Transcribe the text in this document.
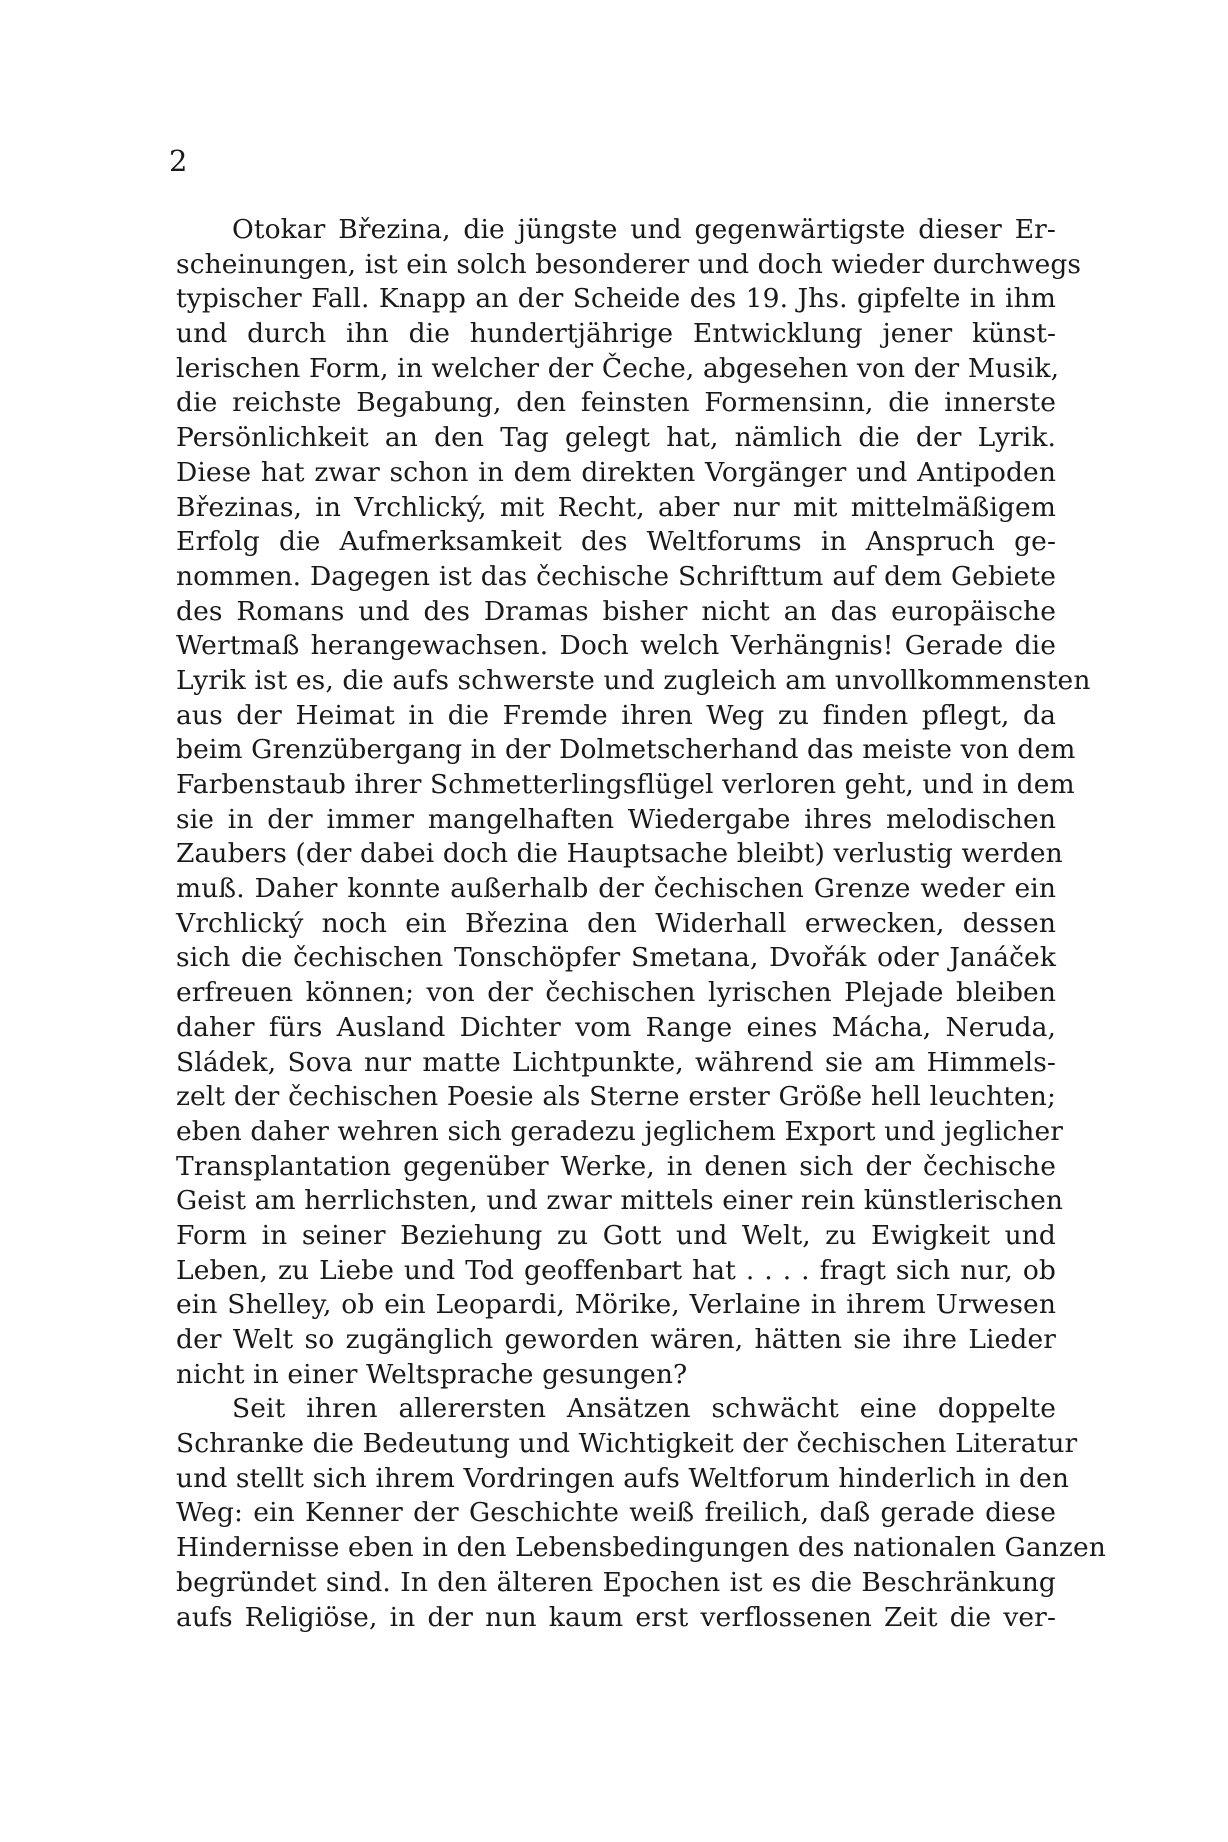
2
Otokar Březina, die jüngste und gegenwärtigste dieser Er-
scheinungen, ist ein solch besonderer und doch wieder durchwegs
typischer Fall. Knapp an der Scheide des 19. Jhs. gipfelte in ihm
und durch ihn die hundertjährige Entwicklung jener künst-
lerischen Form, in welcher der Čeche, abgesehen von der Musik,
die reichste Begabung, den feinsten Formensinn, die innerste
Persönlichkeit an den Tag gelegt hat, nämlich die der Lyrik.
Diese hat zwar schon in dem direkten Vorgänger und Antipoden
Březinas, in Vrchlický, mit Recht, aber nur mit mittelmäßigem
Erfolg die Aufmerksamkeit des Weltforums in Anspruch ge-
nommen. Dagegen ist das čechische Schrifttum auf dem Gebiete
des Romans und des Dramas bisher nicht an das europäische
Wertmaß herangewachsen. Doch welch Verhängnis! Gerade die
Lyrik ist es, die aufs schwerste und zugleich am unvollkommensten
aus der Heimat in die Fremde ihren Weg zu finden pflegt, da
beim Grenzübergang in der Dolmetscherhand das meiste von dem
Farbenstaub ihrer Schmetterlingsflügel verloren geht, und in dem
sie in der immer mangelhaften Wiedergabe ihres melodischen
Zaubers (der dabei doch die Hauptsache bleibt) verlustig werden
muß. Daher konnte außerhalb der čechischen Grenze weder ein
Vrchlický noch ein Březina den Widerhall erwecken, dessen
sich die čechischen Tonschöpfer Smetana, Dvořák oder Janáček
erfreuen können; von der čechischen lyrischen Plejade bleiben
daher fürs Ausland Dichter vom Range eines Mácha, Neruda,
Sládek, Sova nur matte Lichtpunkte, während sie am Himmels-
zelt der čechischen Poesie als Sterne erster Größe hell leuchten;
eben daher wehren sich geradezu jeglichem Export und jeglicher
Transplantation gegenüber Werke, in denen sich der čechische
Geist am herrlichsten, und zwar mittels einer rein künstlerischen
Form in seiner Beziehung zu Gott und Welt, zu Ewigkeit und
Leben, zu Liebe und Tod geoffenbart hat . . . . fragt sich nur, ob
ein Shelley, ob ein Leopardi, Mörike, Verlaine in ihrem Urwesen
der Welt so zugänglich geworden wären, hätten sie ihre Lieder
nicht in einer Weltsprache gesungen?
Seit ihren allerersten Ansätzen schwächt eine doppelte
Schranke die Bedeutung und Wichtigkeit der čechischen Literatur
und stellt sich ihrem Vordringen aufs Weltforum hinderlich in den
Weg: ein Kenner der Geschichte weiß freilich, daß gerade diese
Hindernisse eben in den Lebensbedingungen des nationalen Ganzen
begründet sind. In den älteren Epochen ist es die Beschränkung
aufs Religiöse, in der nun kaum erst verflossenen Zeit die ver-
